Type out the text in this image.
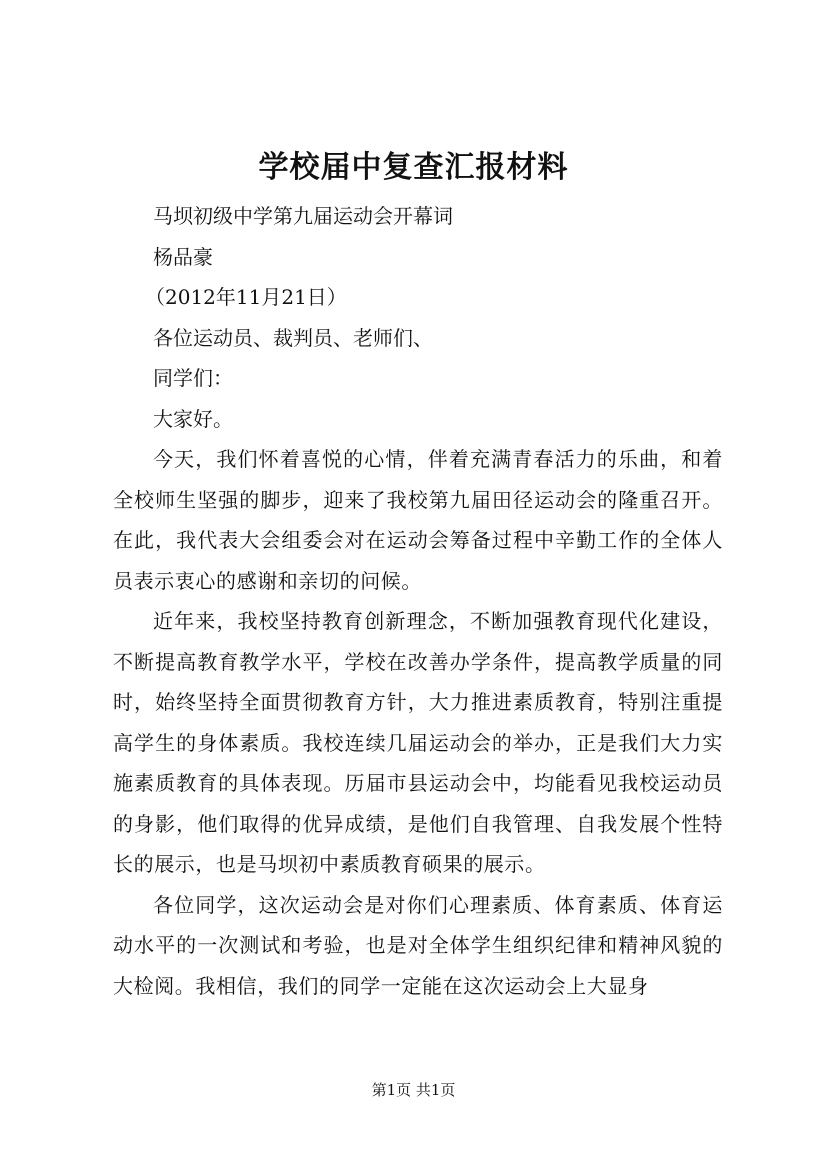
学校届中复查汇报材料

马坝初级中学第九届运动会开幕词

杨品豪

（2012年11月21日）

各位运动员、裁判员、老师们、

同学们：

大家好。

今天，我们怀着喜悦的心情，伴着充满青春活力的乐曲，和着全校师生坚强的脚步，迎来了我校第九届田径运动会的隆重召开。在此，我代表大会组委会对在运动会筹备过程中辛勤工作的全体人员表示衷心的感谢和亲切的问候。

近年来，我校坚持教育创新理念，不断加强教育现代化建设，不断提高教育教学水平，学校在改善办学条件，提高教学质量的同时，始终坚持全面贯彻教育方针，大力推进素质教育，特别注重提高学生的身体素质。我校连续几届运动会的举办，正是我们大力实施素质教育的具体表现。历届市县运动会中，均能看见我校运动员的身影，他们取得的优异成绩，是他们自我管理、自我发展个性特长的展示，也是马坝初中素质教育硕果的展示。

各位同学，这次运动会是对你们心理素质、体育素质、体育运动水平的一次测试和考验，也是对全体学生组织纪律和精神风貌的大检阅。我相信，我们的同学一定能在这次运动会上大显身

第1页 共1页
